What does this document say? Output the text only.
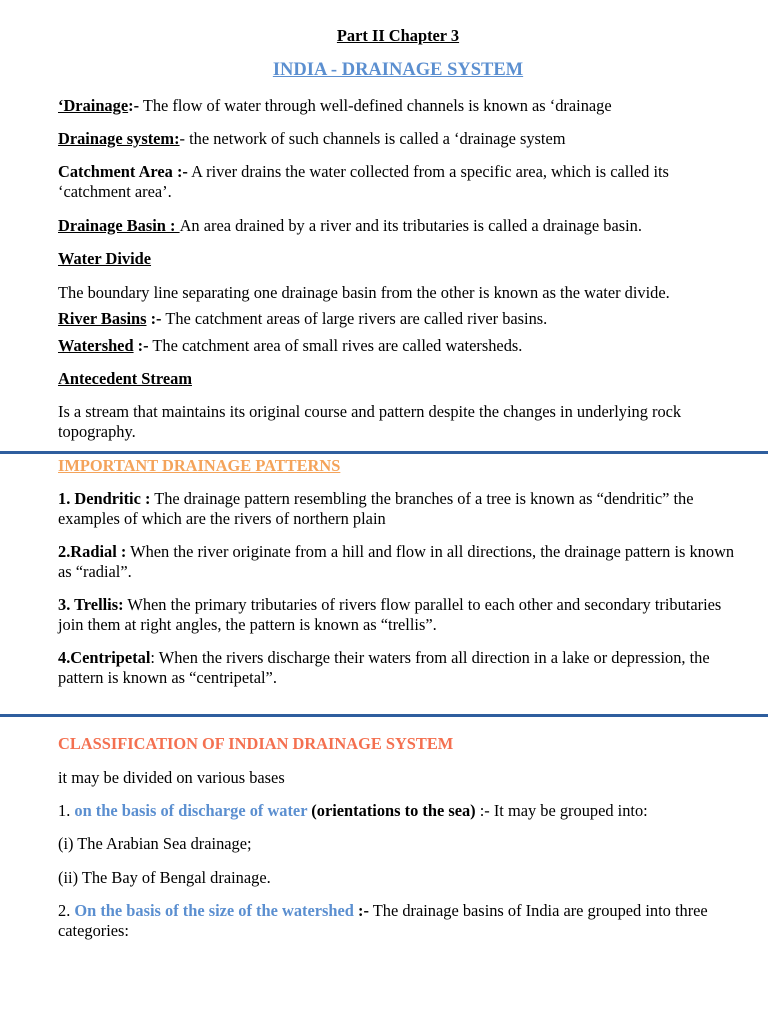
Part II Chapter 3

INDIA - DRAINAGE SYSTEM

‘Drainage:- The flow of water through well-defined channels is known as ‘drainage

Drainage system:- the network of such channels is called a ‘drainage system

Catchment Area :- A river drains the water collected from a specific area, which is called its ‘catchment area’.

Drainage Basin : An area drained by a river and its tributaries is called a drainage basin.

Water Divide

The boundary line separating one drainage basin from the other is known as the water divide.

River Basins :- The catchment areas of large rivers are called river basins.

Watershed :- The catchment area of small rives are called watersheds.

Antecedent Stream

Is a stream that maintains its original course and pattern despite the changes in underlying rock topography.

IMPORTANT DRAINAGE PATTERNS

1. Dendritic : The drainage pattern resembling the branches of a tree is known as “dendritic” the examples of which are the rivers of northern plain

2.Radial : When the river originate from a hill and flow in all directions, the drainage pattern is known as “radial”.

3. Trellis: When the primary tributaries of rivers flow parallel to each other and secondary tributaries join them at right angles, the pattern is known as “trellis”.

4.Centripetal: When the rivers discharge their waters from all direction in a lake or depression, the pattern is known as “centripetal”.

CLASSIFICATION OF INDIAN DRAINAGE SYSTEM

it may be divided on various bases

1. on the basis of discharge of water (orientations to the sea) :- It may be grouped into:

(i) The Arabian Sea drainage;

(ii) The Bay of Bengal drainage.

2. On the basis of the size of the watershed :- The drainage basins of India are grouped into three categories:
